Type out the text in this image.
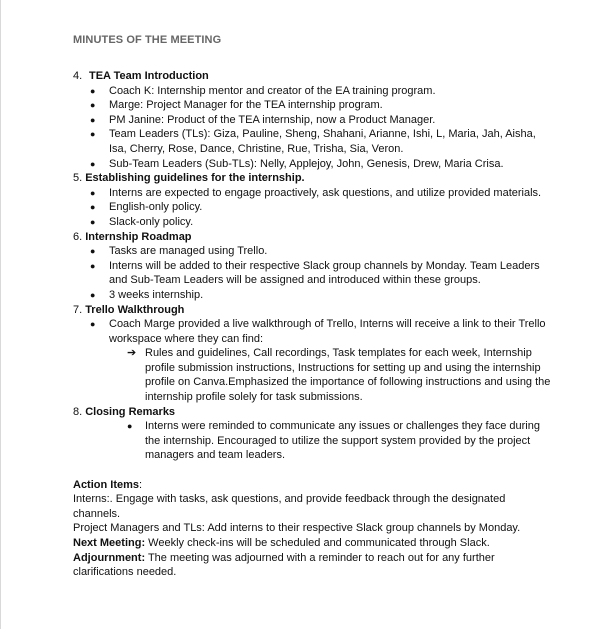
MINUTES OF THE MEETING
4. TEA Team Introduction
● Coach K: Internship mentor and creator of the EA training program.
● Marge: Project Manager for the TEA internship program.
● PM Janine: Product of the TEA internship, now a Product Manager.
● Team Leaders (TLs): Giza, Pauline, Sheng, Shahani, Arianne, Ishi, L, Maria, Jah, Aisha, Isa, Cherry, Rose, Dance, Christine, Rue, Trisha, Sia, Veron.
● Sub-Team Leaders (Sub-TLs): Nelly, Applejoy, John, Genesis, Drew, Maria Crisa.
5. Establishing guidelines for the internship.
● Interns are expected to engage proactively, ask questions, and utilize provided materials.
● English-only policy.
● Slack-only policy.
6. Internship Roadmap
● Tasks are managed using Trello.
● Interns will be added to their respective Slack group channels by Monday. Team Leaders and Sub-Team Leaders will be assigned and introduced within these groups.
● 3 weeks internship.
7. Trello Walkthrough
● Coach Marge provided a live walkthrough of Trello, Interns will receive a link to their Trello workspace where they can find:
➔ Rules and guidelines, Call recordings, Task templates for each week, Internship profile submission instructions, Instructions for setting up and using the internship profile on Canva.Emphasized the importance of following instructions and using the internship profile solely for task submissions.
8. Closing Remarks
● Interns were reminded to communicate any issues or challenges they face during the internship. Encouraged to utilize the support system provided by the project managers and team leaders.
Action Items:
Interns:. Engage with tasks, ask questions, and provide feedback through the designated channels.
Project Managers and TLs: Add interns to their respective Slack group channels by Monday.
Next Meeting: Weekly check-ins will be scheduled and communicated through Slack.
Adjournment: The meeting was adjourned with a reminder to reach out for any further clarifications needed.
